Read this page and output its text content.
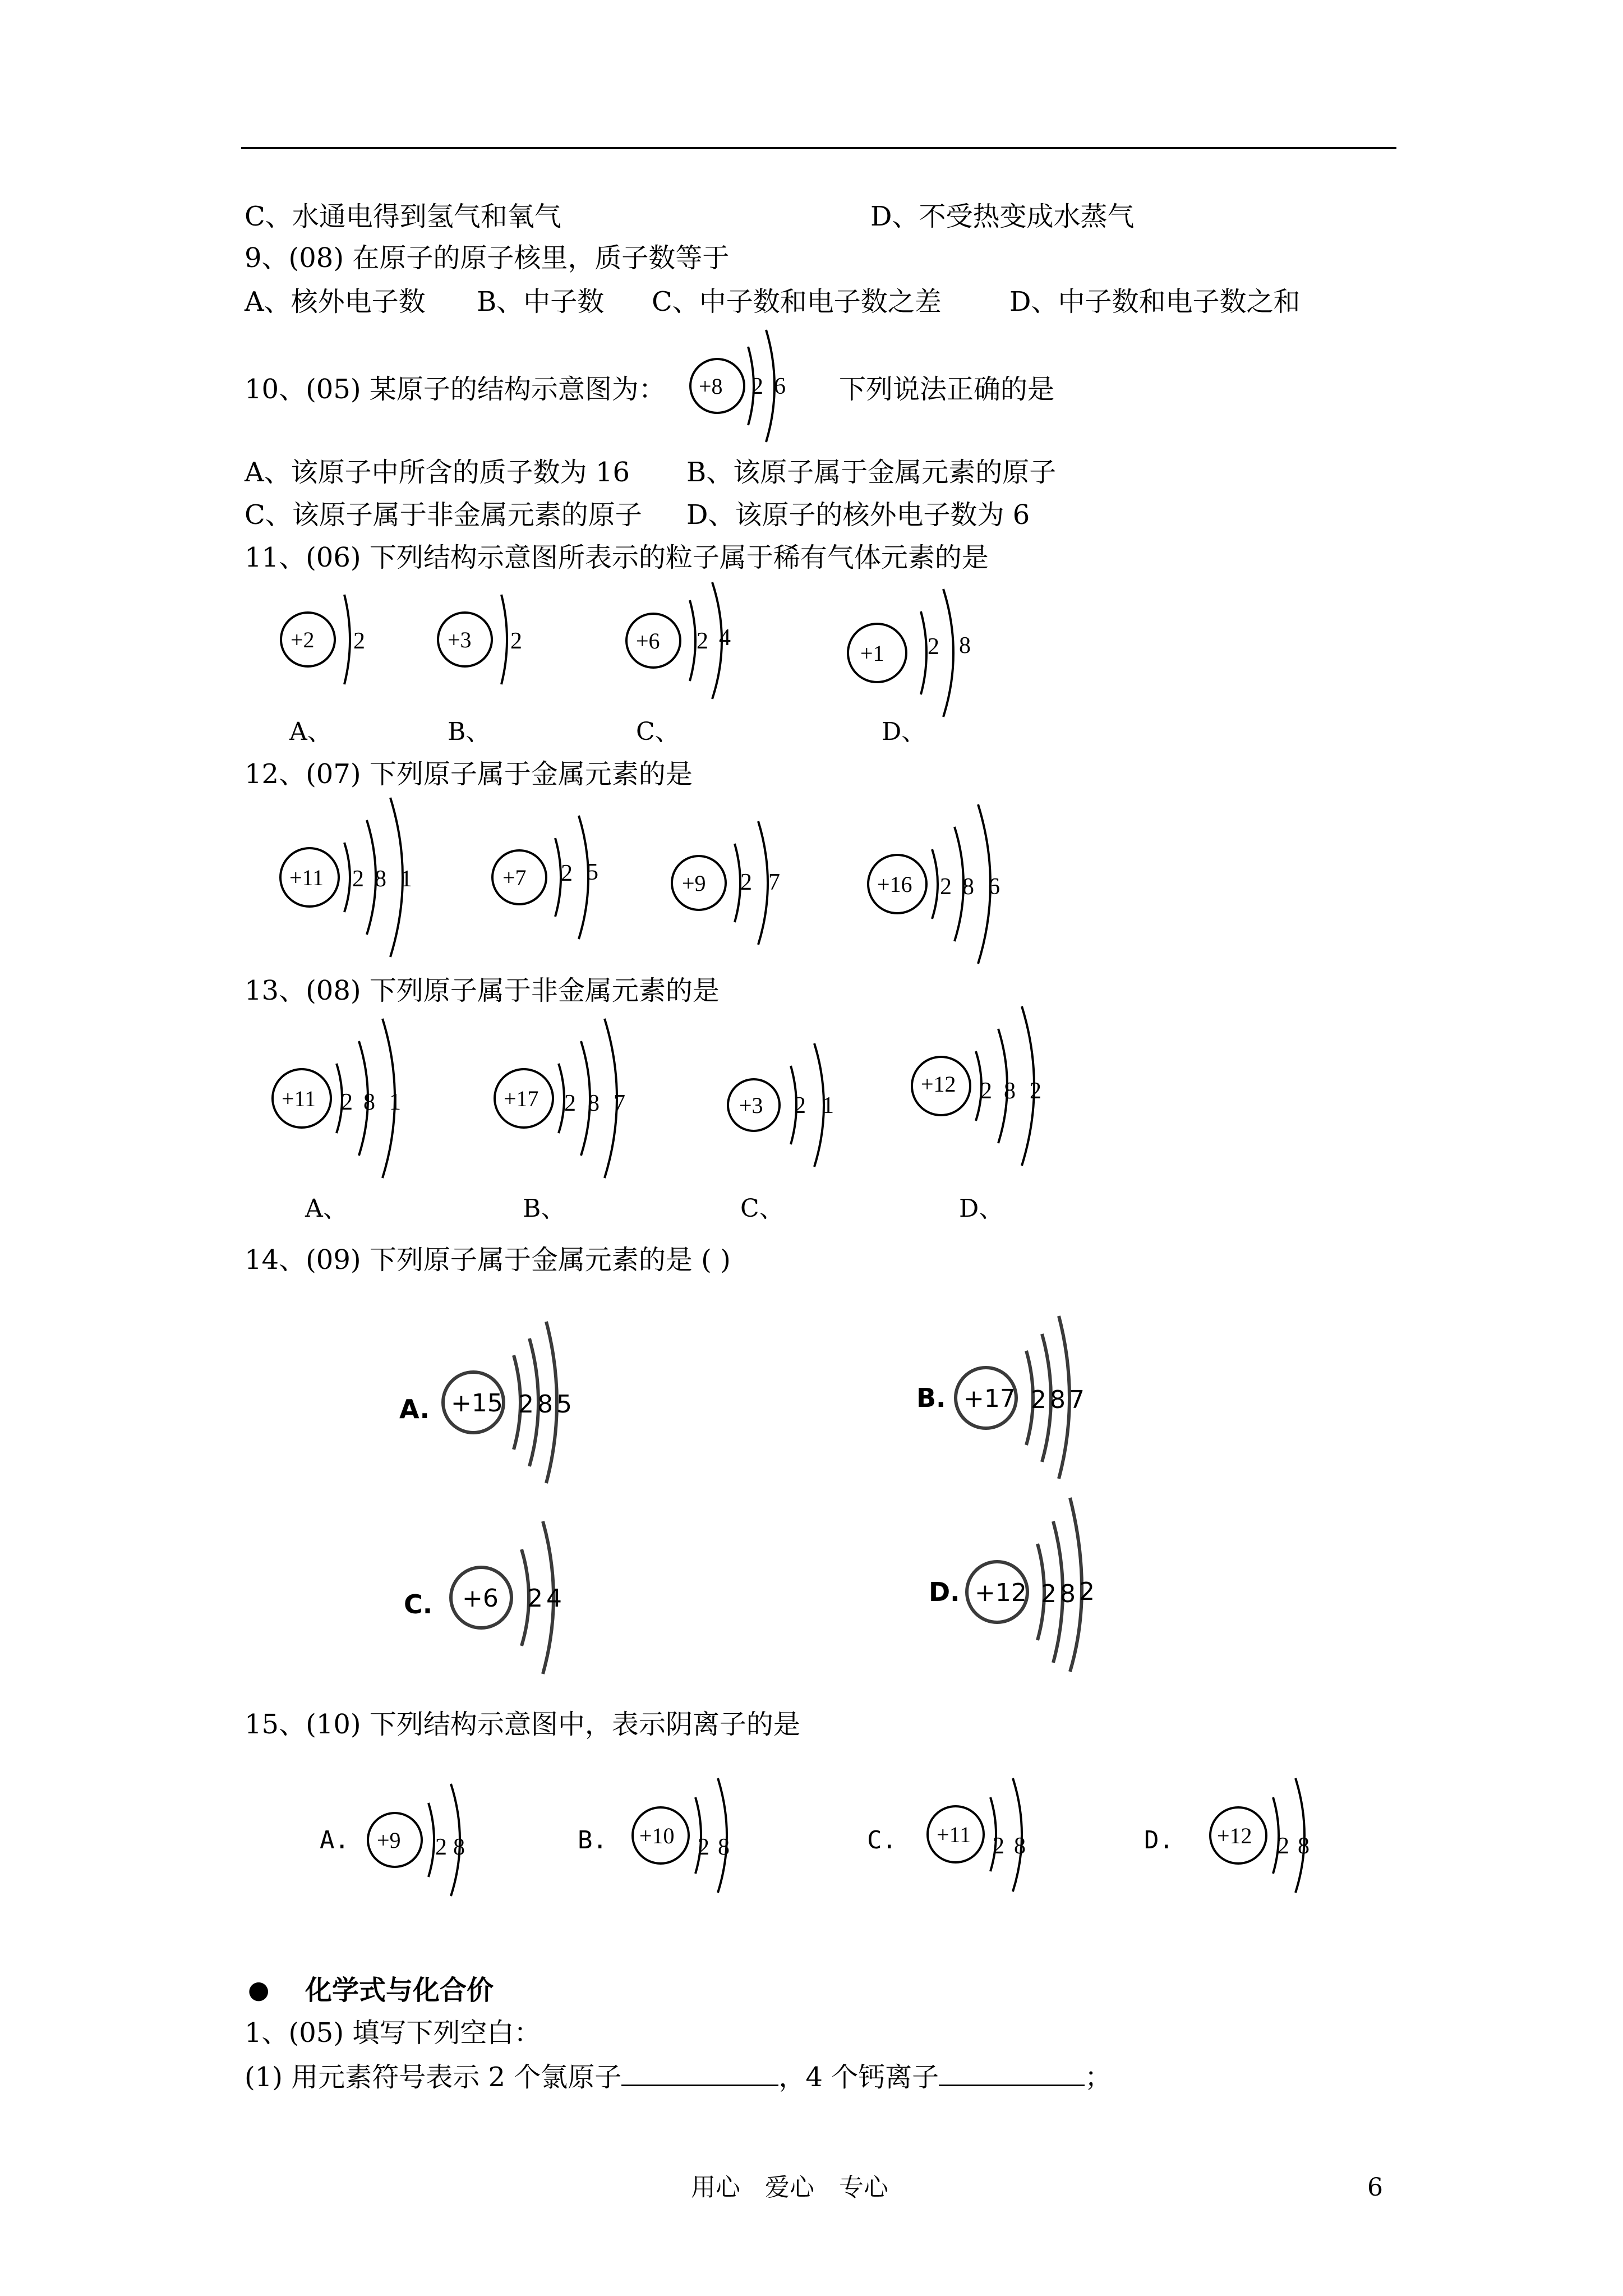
C、水通电得到氢气和氧气	D、不受热变成水蒸气
9、(08) 在原子的原子核里，质子数等于
A、核外电子数 B、中子数 C、中子数和电子数之差	D、中子数和电子数之和
10、(05) 某原子的结构示意图为： +8 2 6 下列说法正确的是
A、该原子中所含的质子数为 16 B、该原子属于金属元素的原子
C、该原子属于非金属元素的原子 D、该原子的核外电子数为 6
11、(06) 下列结构示意图所表示的粒子属于稀有气体元素的是
+2 2	+3 2	+6 2 4
+1 2 8
A、	B、	C、	D、
12、(07) 下列原子属于金属元素的是
+11 2 8 1	+7 2 5	+9 2 7	+16 2 8 6
13、(08) 下列原子属于非金属元素的是
+11 2 8 1	+17 2 8 7	+3 2 1
+12 2 8 2
A、	B、	C、	D、
14、(09) 下列原子属于金属元素的是 ( )
A. +15 2 8 5	B. +17 2 8 7
C. +6 2 4	D. +12 2 8 2
15、(10) 下列结构示意图中，表示阴离子的是
A. +9 2 8	B. +10 2 8	C. +11 2 8	D. +12 2 8
● 化学式与化合价
1、(05) 填写下列空白：
(1) 用元素符号表示 2 个氯原子	，4 个钙离子	；
用心　爱心　专心	6
